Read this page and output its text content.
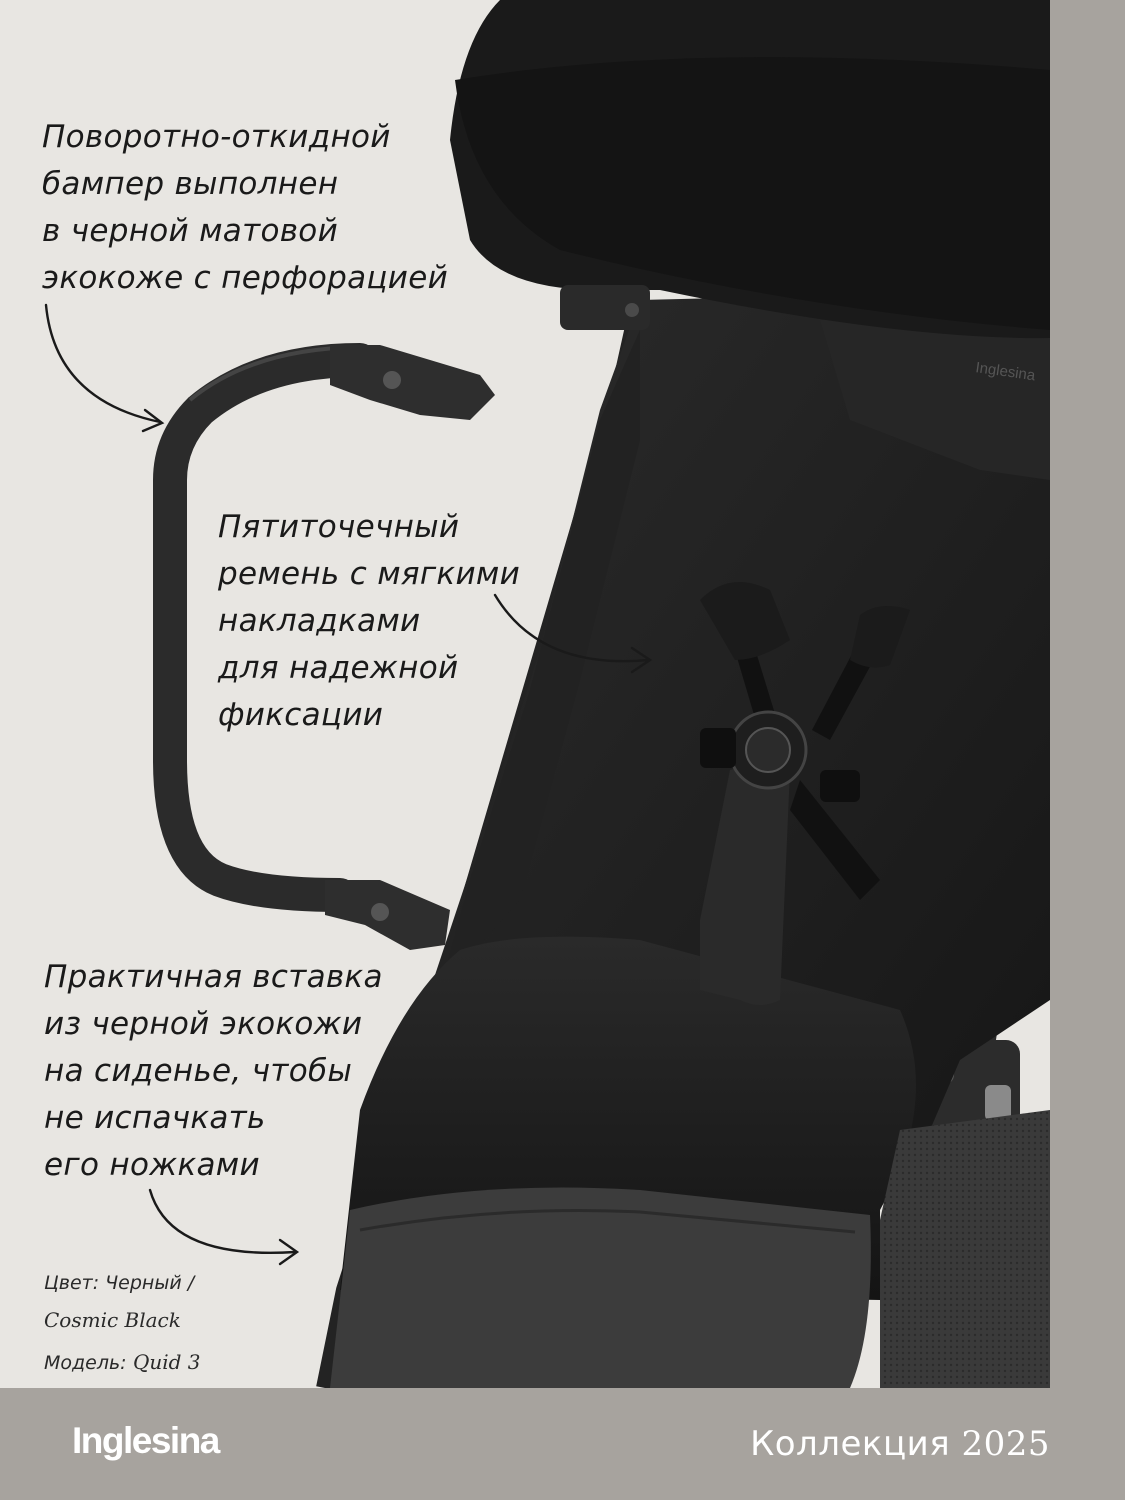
Inglesina
Поворотно-откидной
бампер выполнен
в черной матовой
экокоже с перфорацией
Пятиточечный
ремень с мягкими
накладками
для надежной
фиксации
Практичная вставка
из черной экокожи
на сиденье, чтобы
не испачкать
его ножками
Цвет: Черный /
Cosmic Black
Модель: Quid 3
Inglesina	Коллекция 2025
